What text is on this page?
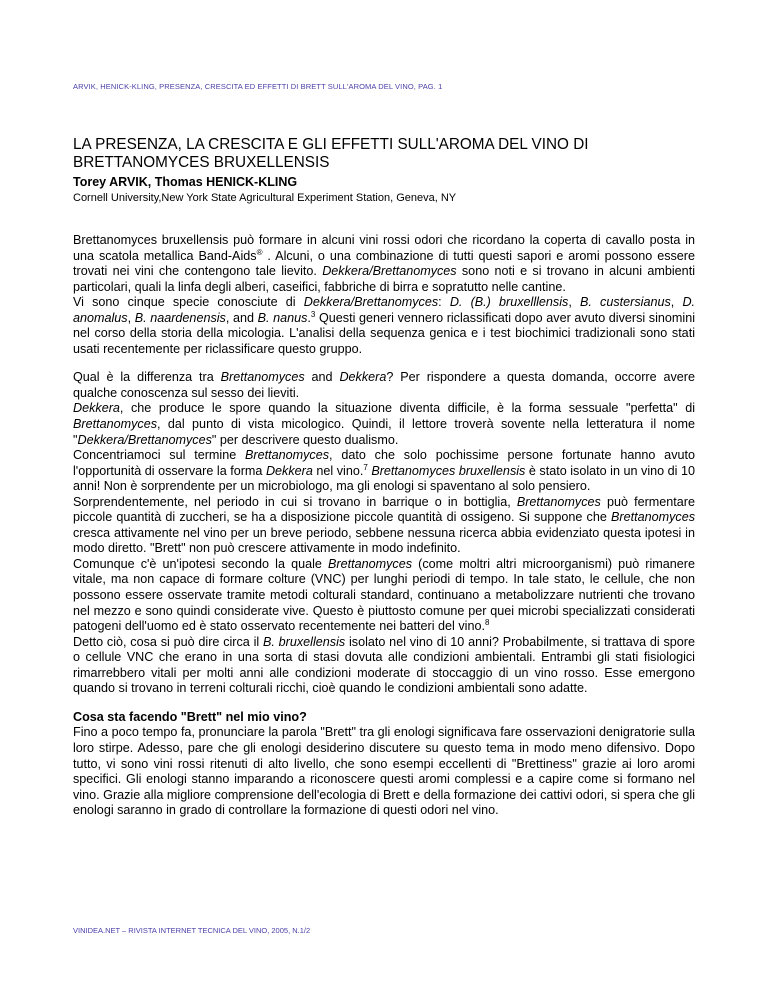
ARVIK, HENICK-KLING, PRESENZA, CRESCITA ED EFFETTI DI BRETT SULL'AROMA DEL VINO, PAG. 1
LA PRESENZA, LA CRESCITA E GLI EFFETTI SULL'AROMA DEL VINO DI BRETTANOMYCES BRUXELLENSIS
Torey ARVIK, Thomas HENICK-KLING
Cornell University,New York State Agricultural Experiment Station, Geneva, NY

Brettanomyces bruxellensis può formare in alcuni vini rossi odori che ricordano la coperta di cavallo posta in una scatola metallica Band-Aids® . Alcuni, o una combinazione di tutti questi sapori e aromi possono essere trovati nei vini che contengono tale lievito. Dekkera/Brettanomyces sono noti e si trovano in alcuni ambienti particolari, quali la linfa degli alberi, caseifici, fabbriche di birra e sopratutto nelle cantine.

Vi sono cinque specie conosciute di Dekkera/Brettanomyces: D. (B.) bruxelllensis, B. custersianus, D. anomalus, B. naardenensis, and B. nanus.$^3$ Questi generi vennero riclassificati dopo aver avuto diversi sinomini nel corso della storia della micologia. L'analisi della sequenza genica e i test biochimici tradizionali sono stati usati recentemente per riclassificare questo gruppo.

Qual è la differenza tra Brettanomyces and Dekkera? Per rispondere a questa domanda, occorre avere qualche conoscenza sul sesso dei lieviti.

Dekkera, che produce le spore quando la situazione diventa difficile, è la forma sessuale "perfetta" di Brettanomyces, dal punto di vista micologico. Quindi, il lettore troverà sovente nella letteratura il nome "Dekkera/Brettanomyces" per descrivere questo dualismo.

Concentriamoci sul termine Brettanomyces, dato che solo pochissime persone fortunate hanno avuto l'opportunità di osservare la forma Dekkera nel vino.$^7$ Brettanomyces bruxellensis è stato isolato in un vino di 10 anni! Non è sorprendente per un microbiologo, ma gli enologi si spaventano al solo pensiero.

Sorprendentemente, nel periodo in cui si trovano in barrique o in bottiglia, Brettanomyces può fermentare piccole quantità di zuccheri, se ha a disposizione piccole quantità di ossigeno. Si suppone che Brettanomyces cresca attivamente nel vino per un breve periodo, sebbene nessuna ricerca abbia evidenziato questa ipotesi in modo diretto. "Brett" non può crescere attivamente in modo indefinito.

Comunque c'è un'ipotesi secondo la quale Brettanomyces (come moltri altri microorganismi) può rimanere vitale, ma non capace di formare colture (VNC) per lunghi periodi di tempo. In tale stato, le cellule, che non possono essere osservate tramite metodi colturali standard, continuano a metabolizzare nutrienti che trovano nel mezzo e sono quindi considerate vive. Questo è piuttosto comune per quei microbi specializzati considerati patogeni dell'uomo ed è stato osservato recentemente nei batteri del vino.$^8$

Detto ciò, cosa si può dire circa il B. bruxellensis isolato nel vino di 10 anni? Probabilmente, si trattava di spore o cellule VNC che erano in una sorta di stasi dovuta alle condizioni ambientali. Entrambi gli stati fisiologici rimarrebbero vitali per molti anni alle condizioni moderate di stoccaggio di un vino rosso. Esse emergono quando si trovano in terreni colturali ricchi, cioè quando le condizioni ambientali sono adatte.

Cosa sta facendo "Brett" nel mio vino?

Fino a poco tempo fa, pronunciare la parola "Brett" tra gli enologi significava fare osservazioni denigratorie sulla loro stirpe. Adesso, pare che gli enologi desiderino discutere su questo tema in modo meno difensivo. Dopo tutto, vi sono vini rossi ritenuti di alto livello, che sono esempi eccellenti di "Brettiness" grazie ai loro aromi specifici. Gli enologi stanno imparando a riconoscere questi aromi complessi e a capire come si formano nel vino. Grazie alla migliore comprensione dell'ecologia di Brett e della formazione dei cattivi odori, si spera che gli enologi saranno in grado di controllare la formazione di questi odori nel vino.

VINIDEA.NET – RIVISTA INTERNET TECNICA DEL VINO, 2005, N.1/2
